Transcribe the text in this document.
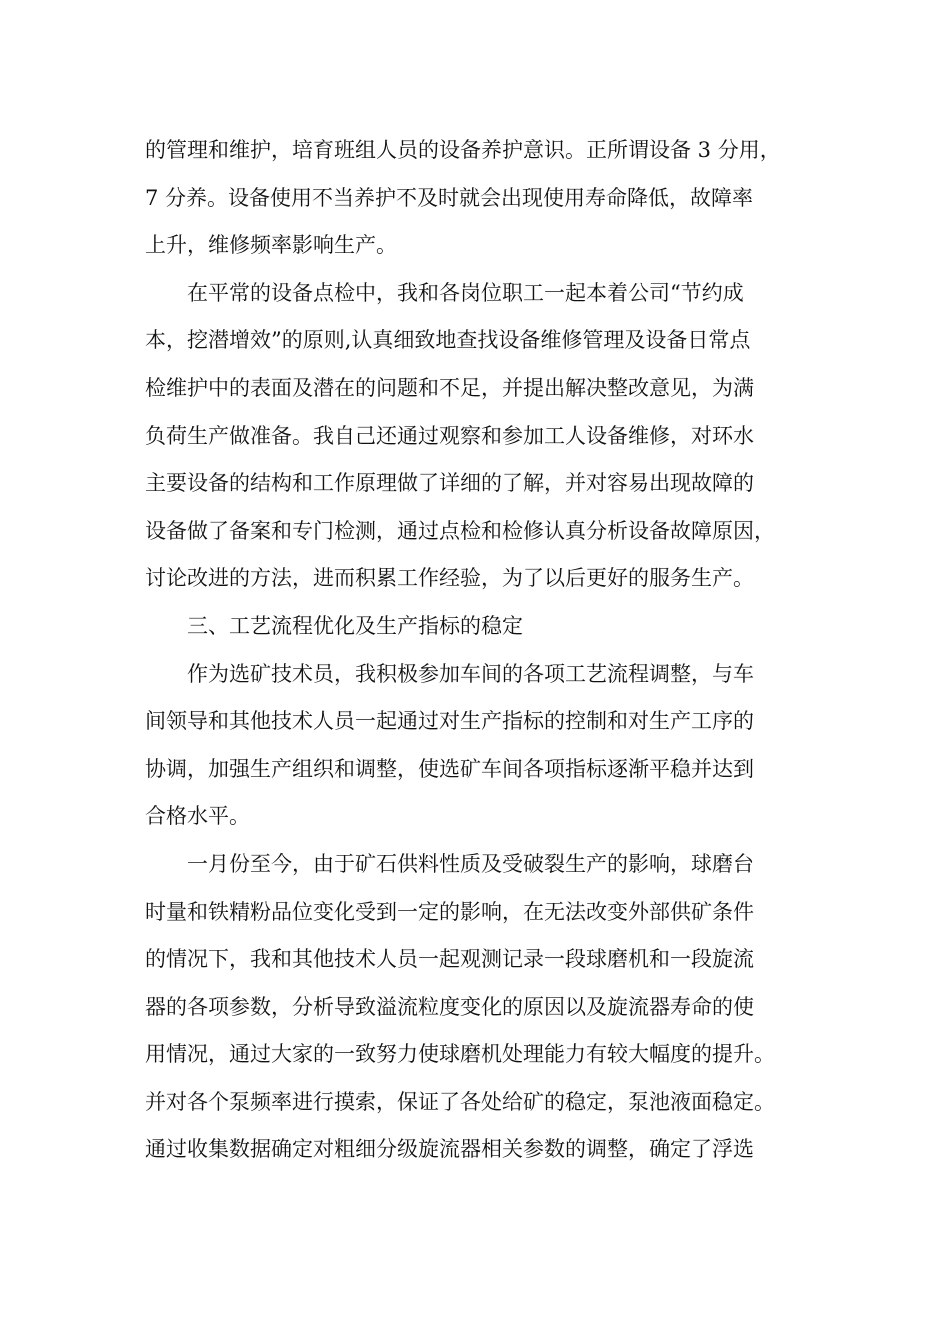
的管理和维护，培育班组人员的设备养护意识。正所谓设备 3 分用，

7 分养。设备使用不当养护不及时就会出现使用寿命降低，故障率

上升，维修频率影响生产。

在平常的设备点检中，我和各岗位职工一起本着公司“节约成

本，挖潜增效”的原则,认真细致地查找设备维修管理及设备日常点

检维护中的表面及潜在的问题和不足，并提出解决整改意见，为满

负荷生产做准备。我自己还通过观察和参加工人设备维修，对环水

主要设备的结构和工作原理做了详细的了解，并对容易出现故障的

设备做了备案和专门检测，通过点检和检修认真分析设备故障原因，

讨论改进的方法，进而积累工作经验，为了以后更好的服务生产。

三、工艺流程优化及生产指标的稳定

作为选矿技术员，我积极参加车间的各项工艺流程调整，与车

间领导和其他技术人员一起通过对生产指标的控制和对生产工序的

协调，加强生产组织和调整，使选矿车间各项指标逐渐平稳并达到

合格水平。

一月份至今，由于矿石供料性质及受破裂生产的影响，球磨台

时量和铁精粉品位变化受到一定的影响，在无法改变外部供矿条件

的情况下，我和其他技术人员一起观测记录一段球磨机和一段旋流

器的各项参数，分析导致溢流粒度变化的原因以及旋流器寿命的使

用情况，通过大家的一致努力使球磨机处理能力有较大幅度的提升。

并对各个泵频率进行摸索，保证了各处给矿的稳定，泵池液面稳定。

通过收集数据确定对粗细分级旋流器相关参数的调整，确定了浮选
